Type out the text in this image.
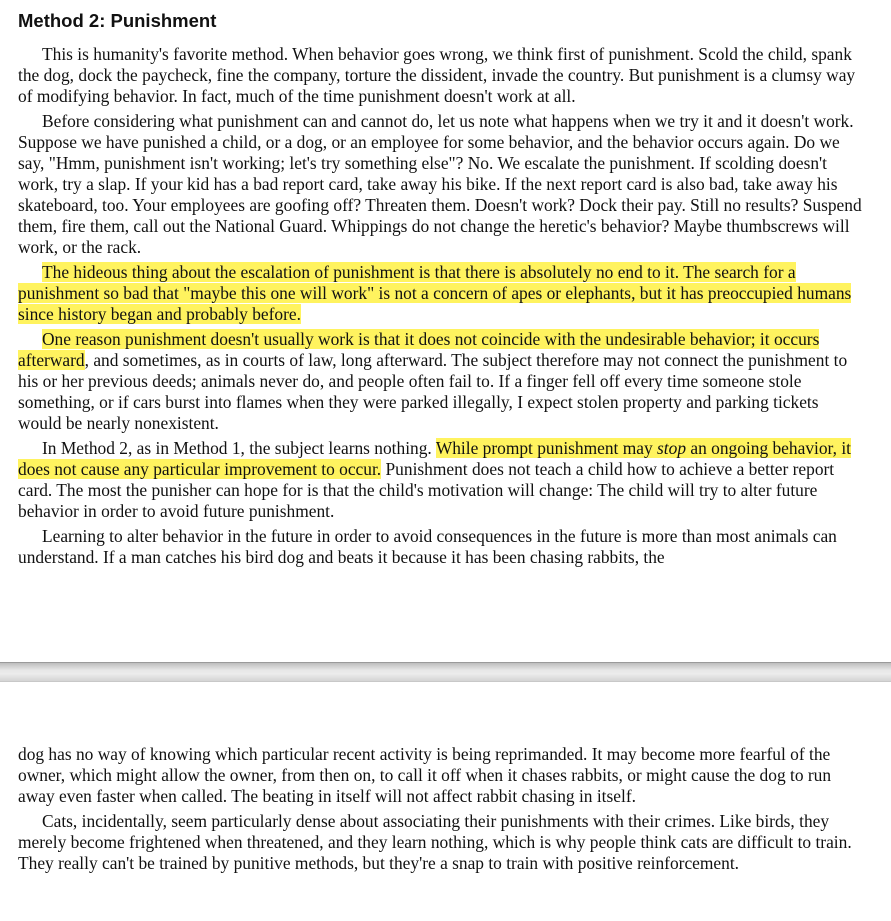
Method 2: Punishment

This is humanity's favorite method. When behavior goes wrong, we think first of punishment. Scold the child, spank the dog, dock the paycheck, fine the company, torture the dissident, invade the country. But punishment is a clumsy way of modifying behavior. In fact, much of the time punishment doesn't work at all.

Before considering what punishment can and cannot do, let us note what happens when we try it and it doesn't work. Suppose we have punished a child, or a dog, or an employee for some behavior, and the behavior occurs again. Do we say, "Hmm, punishment isn't working; let's try something else"? No. We escalate the punishment. If scolding doesn't work, try a slap. If your kid has a bad report card, take away his bike. If the next report card is also bad, take away his skateboard, too. Your employees are goofing off? Threaten them. Doesn't work? Dock their pay. Still no results? Suspend them, fire them, call out the National Guard. Whippings do not change the heretic's behavior? Maybe thumbscrews will work, or the rack.

The hideous thing about the escalation of punishment is that there is absolutely no end to it. The search for a punishment so bad that "maybe this one will work" is not a concern of apes or elephants, but it has preoccupied humans since history began and probably before.

One reason punishment doesn't usually work is that it does not coincide with the undesirable behavior; it occurs afterward, and sometimes, as in courts of law, long afterward. The subject therefore may not connect the punishment to his or her previous deeds; animals never do, and people often fail to. If a finger fell off every time someone stole something, or if cars burst into flames when they were parked illegally, I expect stolen property and parking tickets would be nearly nonexistent.

In Method 2, as in Method 1, the subject learns nothing. While prompt punishment may stop an ongoing behavior, it does not cause any particular improvement to occur. Punishment does not teach a child how to achieve a better report card. The most the punisher can hope for is that the child's motivation will change: The child will try to alter future behavior in order to avoid future punishment.

Learning to alter behavior in the future in order to avoid consequences in the future is more than most animals can understand. If a man catches his bird dog and beats it because it has been chasing rabbits, the

dog has no way of knowing which particular recent activity is being reprimanded. It may become more fearful of the owner, which might allow the owner, from then on, to call it off when it chases rabbits, or might cause the dog to run away even faster when called. The beating in itself will not affect rabbit chasing in itself.

Cats, incidentally, seem particularly dense about associating their punishments with their crimes. Like birds, they merely become frightened when threatened, and they learn nothing, which is why people think cats are difficult to train. They really can't be trained by punitive methods, but they're a snap to train with positive reinforcement.
